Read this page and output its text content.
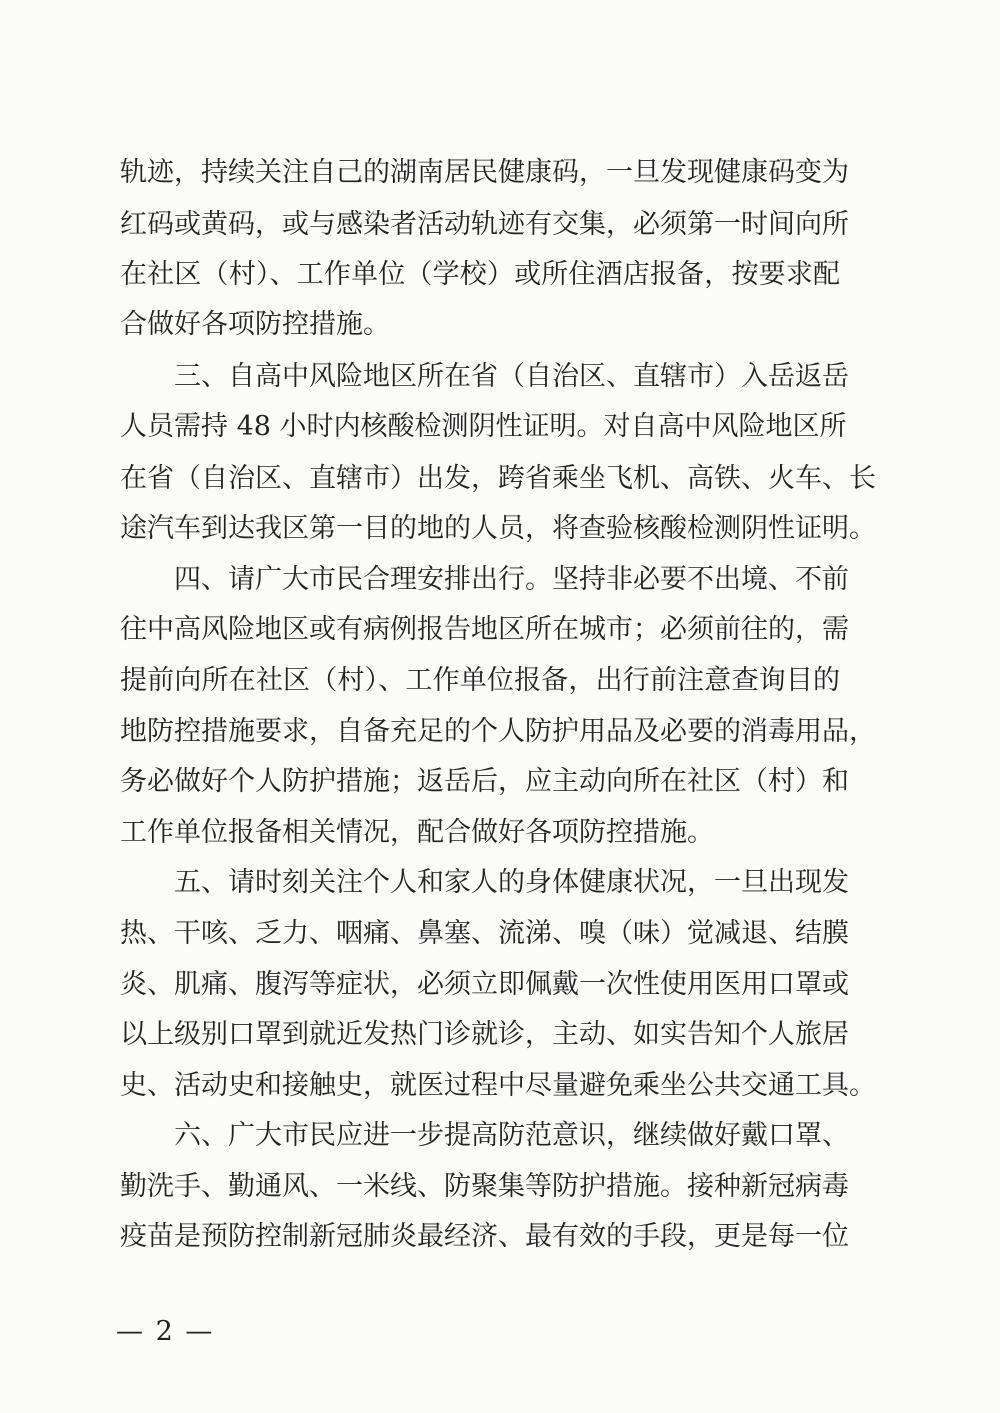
轨迹，持续关注自己的湖南居民健康码，一旦发现健康码变为
红码或黄码，或与感染者活动轨迹有交集，必须第一时间向所
在社区（村）、工作单位（学校）或所住酒店报备，按要求配
合做好各项防控措施。
三、自高中风险地区所在省（自治区、直辖市）入岳返岳
人员需持 48 小时内核酸检测阴性证明。对自高中风险地区所
在省（自治区、直辖市）出发，跨省乘坐飞机、高铁、火车、长
途汽车到达我区第一目的地的人员，将查验核酸检测阴性证明。
四、请广大市民合理安排出行。坚持非必要不出境、不前
往中高风险地区或有病例报告地区所在城市；必须前往的，需
提前向所在社区（村）、工作单位报备，出行前注意查询目的
地防控措施要求，自备充足的个人防护用品及必要的消毒用品，
务必做好个人防护措施；返岳后，应主动向所在社区（村）和
工作单位报备相关情况，配合做好各项防控措施。
五、请时刻关注个人和家人的身体健康状况，一旦出现发
热、干咳、乏力、咽痛、鼻塞、流涕、嗅（味）觉减退、结膜
炎、肌痛、腹泻等症状，必须立即佩戴一次性使用医用口罩或
以上级别口罩到就近发热门诊就诊，主动、如实告知个人旅居
史、活动史和接触史，就医过程中尽量避免乘坐公共交通工具。
六、广大市民应进一步提高防范意识，继续做好戴口罩、
勤洗手、勤通风、一米线、防聚集等防护措施。接种新冠病毒
疫苗是预防控制新冠肺炎最经济、最有效的手段，更是每一位
— 2 —
